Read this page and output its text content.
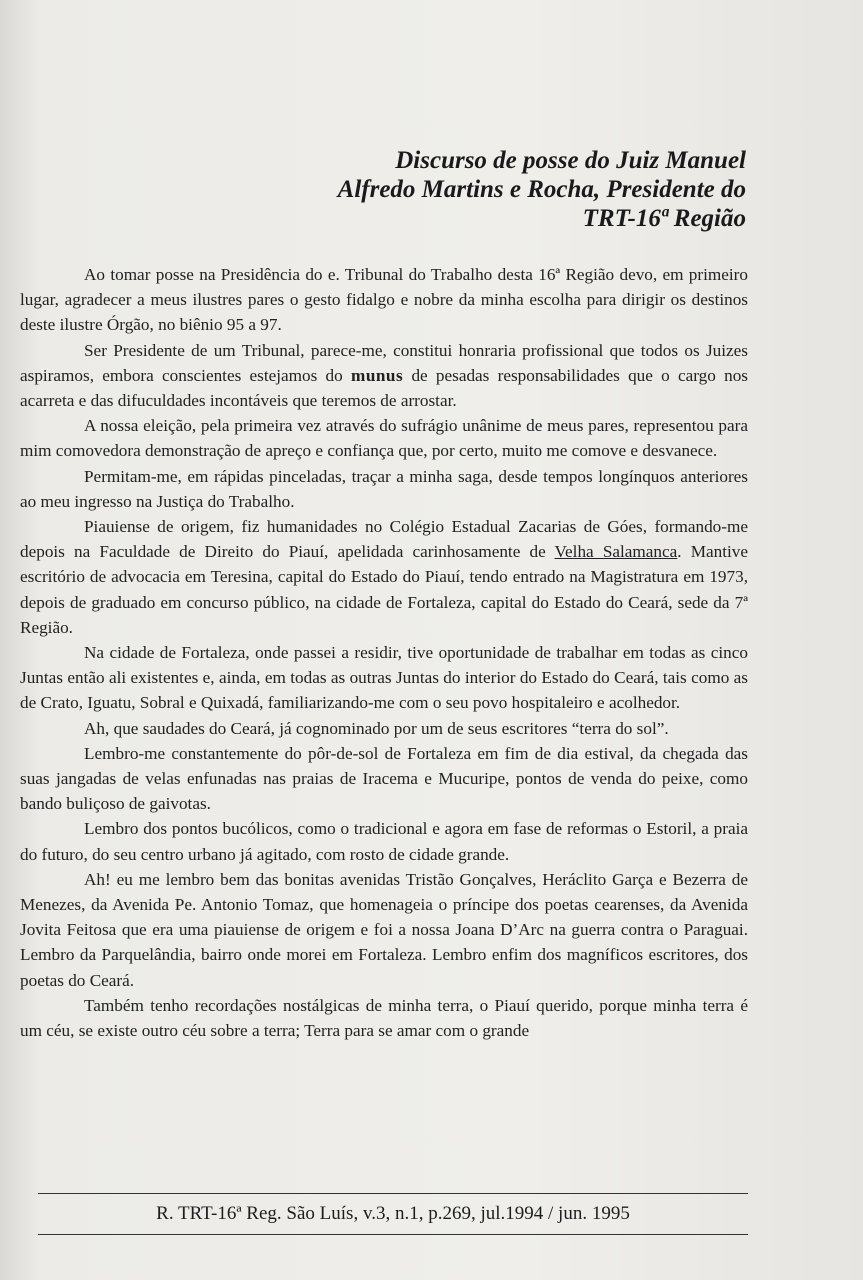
Discurso de posse do Juiz Manuel
Alfredo Martins e Rocha, Presidente do
TRT-16ª Região

Ao tomar posse na Presidência do e. Tribunal do Trabalho desta 16ª Região devo, em primeiro lugar, agradecer a meus ilustres pares o gesto fidalgo e nobre da minha escolha para dirigir os destinos deste ilustre Órgão, no biênio 95 a 97.

Ser Presidente de um Tribunal, parece-me, constitui honraria profissional que todos os Juizes aspiramos, embora conscientes estejamos do munus de pesadas responsabilidades que o cargo nos acarreta e das difuculdades incontáveis que teremos de arrostar.

A nossa eleição, pela primeira vez através do sufrágio unânime de meus pares, representou para mim comovedora demonstração de apreço e confiança que, por certo, muito me comove e desvanece.

Permitam-me, em rápidas pinceladas, traçar a minha saga, desde tempos longínquos anteriores ao meu ingresso na Justiça do Trabalho.

Piauiense de origem, fiz humanidades no Colégio Estadual Zacarias de Góes, formando-me depois na Faculdade de Direito do Piauí, apelidada carinhosamente de Velha Salamanca. Mantive escritório de advocacia em Teresina, capital do Estado do Piauí, tendo entrado na Magistratura em 1973, depois de graduado em concurso público, na cidade de Fortaleza, capital do Estado do Ceará, sede da 7ª Região.

Na cidade de Fortaleza, onde passei a residir, tive oportunidade de trabalhar em todas as cinco Juntas então ali existentes e, ainda, em todas as outras Juntas do interior do Estado do Ceará, tais como as de Crato, Iguatu, Sobral e Quixadá, familiarizando-me com o seu povo hospitaleiro e acolhedor.

Ah, que saudades do Ceará, já cognominado por um de seus escritores “terra do sol”.

Lembro-me constantemente do pôr-de-sol de Fortaleza em fim de dia estival, da chegada das suas jangadas de velas enfunadas nas praias de Iracema e Mucuripe, pontos de venda do peixe, como bando buliçoso de gaivotas.

Lembro dos pontos bucólicos, como o tradicional e agora em fase de reformas o Estoril, a praia do futuro, do seu centro urbano já agitado, com rosto de cidade grande.

Ah! eu me lembro bem das bonitas avenidas Tristão Gonçalves, Heráclito Garça e Bezerra de Menezes, da Avenida Pe. Antonio Tomaz, que homenageia o príncipe dos poetas cearenses, da Avenida Jovita Feitosa que era uma piauiense de origem e foi a nossa Joana D’Arc na guerra contra o Paraguai. Lembro da Parquelândia, bairro onde morei em Fortaleza. Lembro enfim dos magníficos escritores, dos poetas do Ceará.

Também tenho recordações nostálgicas de minha terra, o Piauí querido, porque minha terra é um céu, se existe outro céu sobre a terra; Terra para se amar com o grande

R. TRT-16ª Reg. São Luís, v.3, n.1, p.269, jul.1994 / jun. 1995
